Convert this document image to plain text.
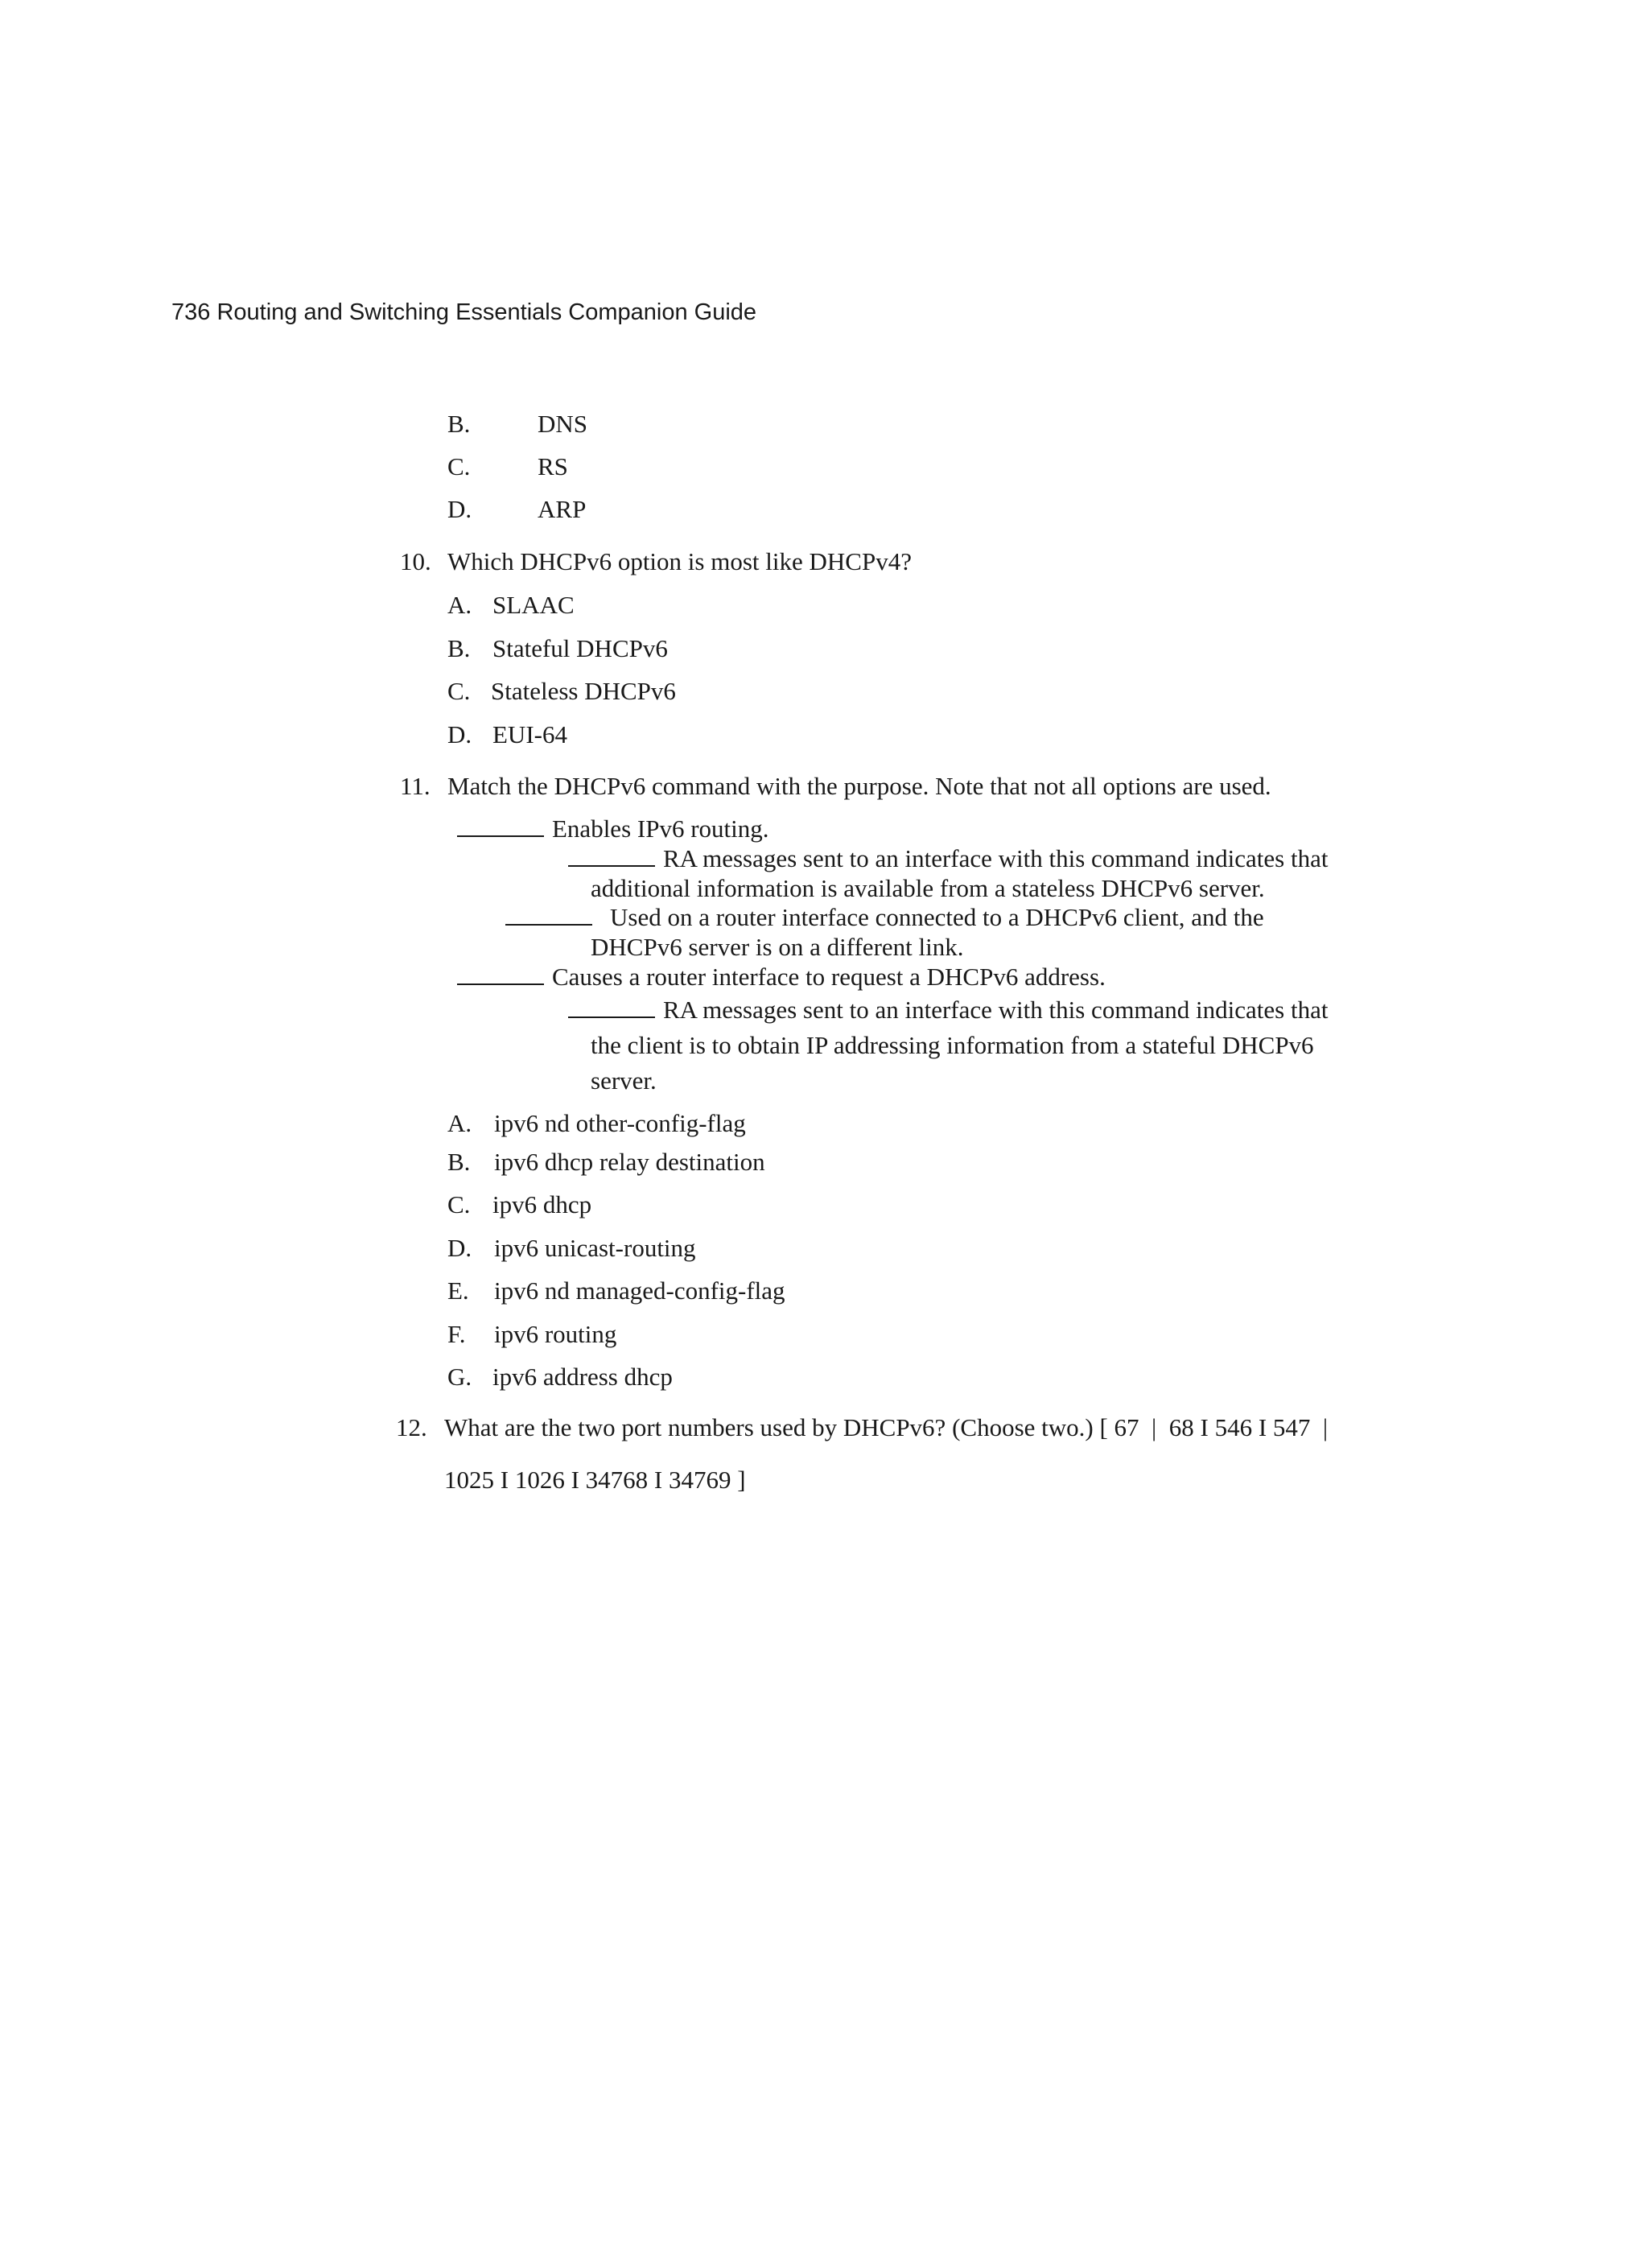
736 Routing and Switching Essentials Companion Guide
B.	DNS
C.	RS
D.	ARP
10. Which DHCPv6 option is most like DHCPv4?
A. SLAAC
B. Stateful DHCPv6
C. Stateless DHCPv6
D. EUI-64
11. Match the DHCPv6 command with the purpose. Note that not all options are used.
Enables IPv6 routing.
RA messages sent to an interface with this command indicates that
additional information is available from a stateless DHCPv6 server.
Used on a router interface connected to a DHCPv6 client, and the
DHCPv6 server is on a different link.
Causes a router interface to request a DHCPv6 address.
RA messages sent to an interface with this command indicates that
the client is to obtain IP addressing information from a stateful DHCPv6
server.
A. ipv6 nd other-config-flag
B. ipv6 dhcp relay destination
C. ipv6 dhcp
D. ipv6 unicast-routing
E. ipv6 nd managed-config-flag
F. ipv6 routing
G. ipv6 address dhcp
12. What are the two port numbers used by DHCPv6? (Choose two.) [ 67  |  68 I 546 I 547  |
1025 I 1026 I 34768 I 34769 ]
